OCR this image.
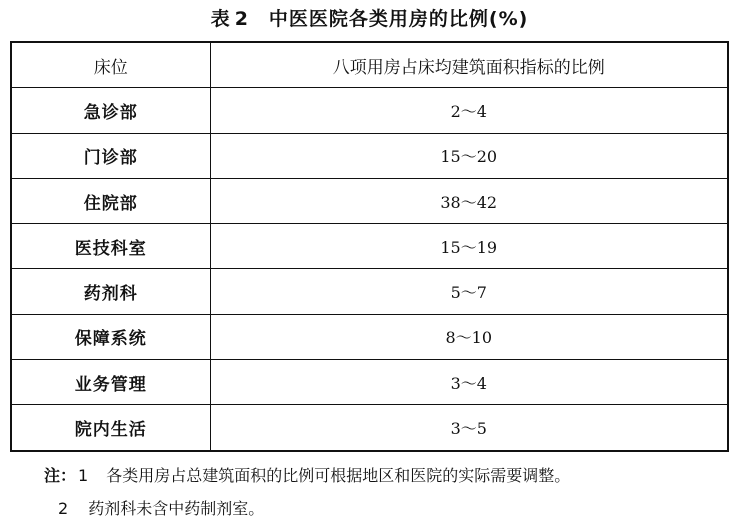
表 2 中医医院各类用房的比例(%)
床位	八项用房占床均建筑面积指标的比例
急诊部	2～4
门诊部	15～20
住院部	38～42
医技科室	15～19
药剂科	5～7
保障系统	8～10
业务管理	3～4
院内生活	3～5
注： 1 各类用房占总建筑面积的比例可根据地区和医院的实际需要调整。
2 药剂科未含中药制剂室。
